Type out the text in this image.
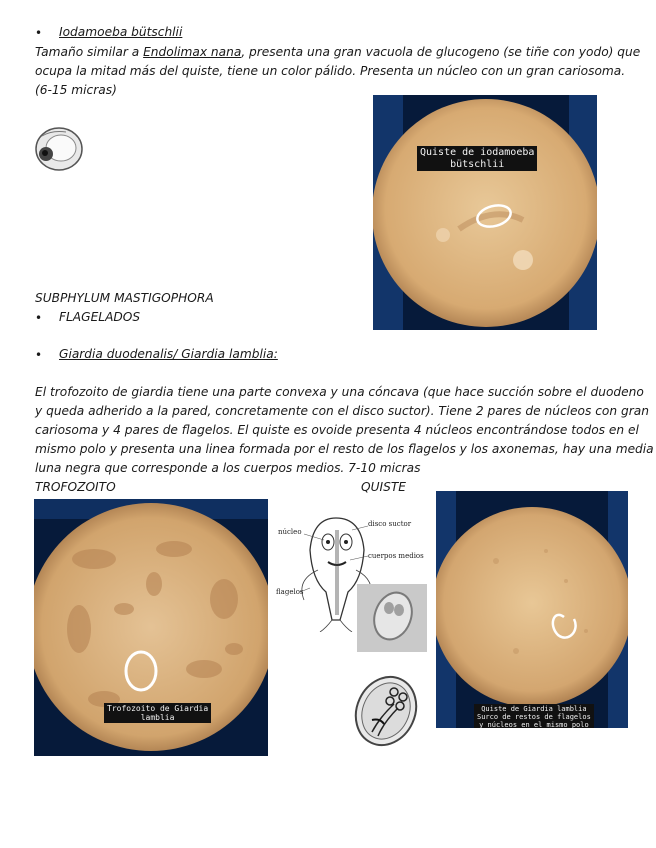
• Iodamoeba bütschlii
Tamaño similar a Endolimax nana, presenta una gran vacuola de glucogeno (se tiñe con yodo) que
ocupa la mitad más del quiste, tiene un color pálido. Presenta un núcleo con un gran cariosoma.
(6-15 micras)
Quiste de iodamoeba
bütschlii
SUBPHYLUM MASTIGOPHORA
• FLAGELADOS
• Giardia duodenalis/ Giardia lamblia:
El trofozoito de giardia tiene una parte convexa y una cóncava (que hace succión sobre el duodeno
y queda adherido a la pared, concretamente con el disco suctor). Tiene 2 pares de núcleos con gran
cariosoma y 4 pares de flagelos. El quiste es ovoide presenta 4 núcleos encontrándose todos en el
mismo polo y presenta una linea formada por el resto de los flagelos y los axonemas, hay una media
luna negra que corresponde a los cuerpos medios. 7-10 micras
TROFOZOITO	QUISTE
Trofozoito de Giardia
lamblia
núcleo
disco suctor
cuerpos medios
flagelos
Quiste de Giardia lamblia
Surco de restos de flagelos
y núcleos en el mismo polo
